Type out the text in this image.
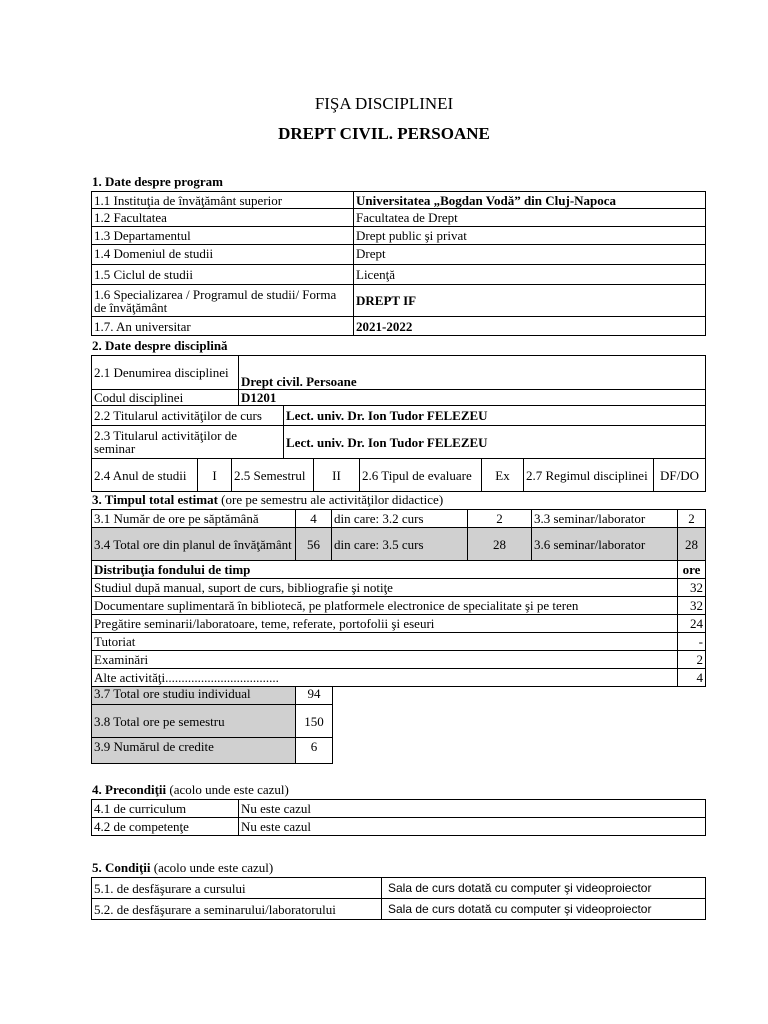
FIŞA DISCIPLINEI
DREPT CIVIL. PERSOANE
1. Date despre program
1.1 Instituţia de învăţământ superior	Universitatea „Bogdan Vodă” din Cluj-Napoca
1.2 Facultatea	Facultatea de Drept
1.3 Departamentul	Drept public şi privat
1.4 Domeniul de studii	Drept
1.5 Ciclul de studii	Licenţă
1.6 Specializarea / Programul de studii/ Forma de învăţământ	DREPT IF
1.7. An universitar	2021-2022
2. Date despre disciplină
2.1 Denumirea disciplinei	Drept civil. Persoane
Codul disciplinei	D1201
2.2 Titularul activităţilor de curs	Lect. univ. Dr. Ion Tudor FELEZEU
2.3 Titularul activităţilor de seminar	Lect. univ. Dr. Ion Tudor FELEZEU
2.4 Anul de studii	I	2.5 Semestrul	II	2.6 Tipul de evaluare	Ex	2.7 Regimul disciplinei	DF/DO
3. Timpul total estimat (ore pe semestru ale activităţilor didactice)
3.1 Număr de ore pe săptămână	4	din care: 3.2 curs	2	3.3 seminar/laborator	2
3.4 Total ore din planul de învăţământ	56	din care: 3.5 curs	28	3.6 seminar/laborator	28
Distribuţia fondului de timp	ore
Studiul după manual, suport de curs, bibliografie şi notiţe	32
Documentare suplimentară în bibliotecă, pe platformele electronice de specialitate şi pe teren	32
Pregătire seminarii/laboratoare, teme, referate, portofolii şi eseuri	24
Tutoriat	-
Examinări	2
Alte activităţi...................................	4
3.7 Total ore studiu individual	94
3.8 Total ore pe semestru	150
3.9 Numărul de credite	6
4. Precondiţii (acolo unde este cazul)
4.1 de curriculum	Nu este cazul
4.2 de competenţe	Nu este cazul
5. Condiţii (acolo unde este cazul)
5.1. de desfăşurare a cursului	Sala de curs dotată cu computer şi videoproiector
5.2. de desfăşurare a seminarului/laboratorului	Sala de curs dotată cu computer şi videoproiector
